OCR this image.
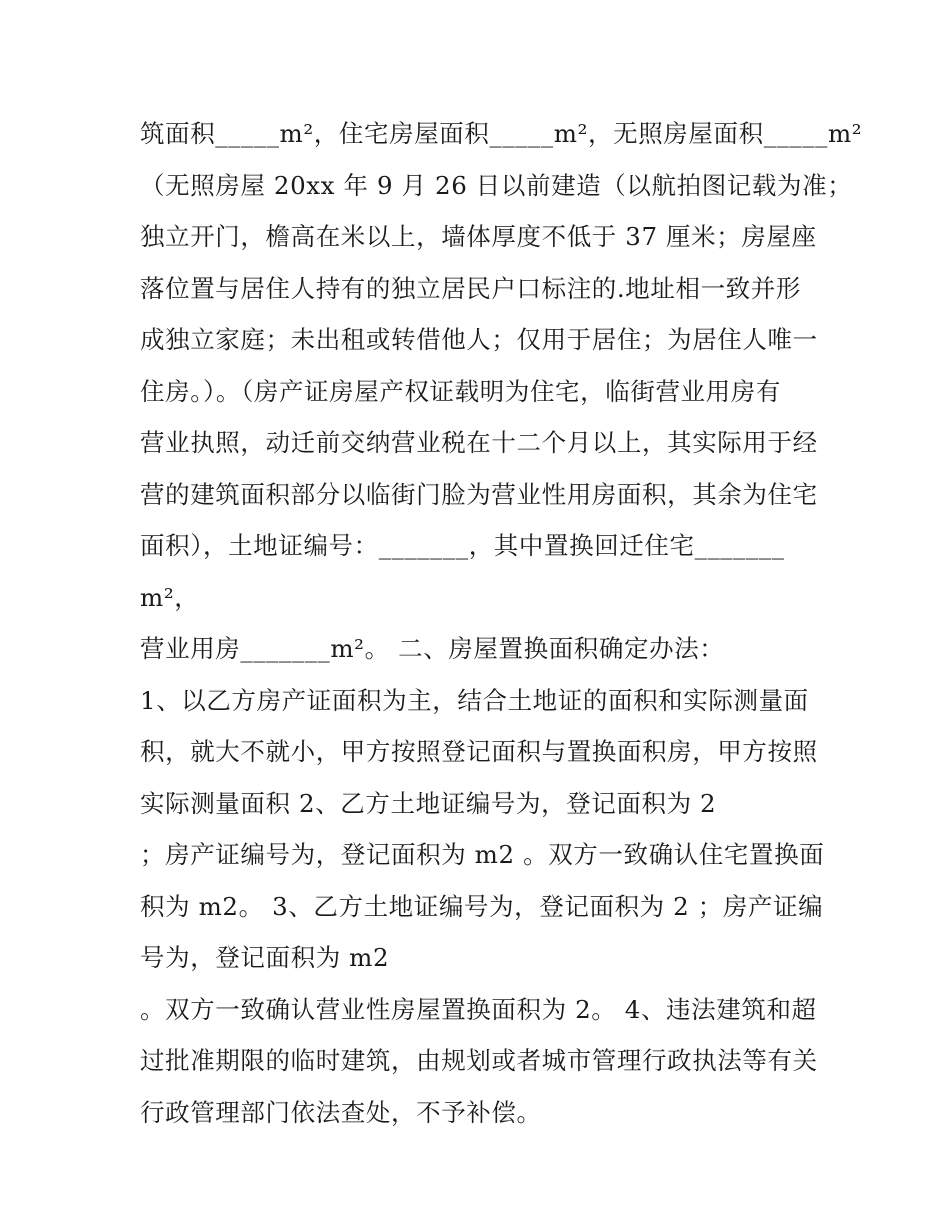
筑面积_____m²，住宅房屋面积_____m²，无照房屋面积_____m²
（无照房屋 20xx 年 9 月 26 日以前建造（以航拍图记载为准；
独立开门，檐高在米以上，墙体厚度不低于 37 厘米；房屋座
落位置与居住人持有的独立居民户口标注的.地址相一致并形
成独立家庭；未出租或转借他人；仅用于居住；为居住人唯一
住房。）。（房产证房屋产权证载明为住宅，临街营业用房有
营业执照，动迁前交纳营业税在十二个月以上，其实际用于经
营的建筑面积部分以临街门脸为营业性用房面积，其余为住宅
面积），土地证编号：_______，其中置换回迁住宅_______
m²，
营业用房_______m²。 二、房屋置换面积确定办法：
1、以乙方房产证面积为主，结合土地证的面积和实际测量面
积，就大不就小，甲方按照登记面积与置换面积房，甲方按照
实际测量面积 2、乙方土地证编号为，登记面积为 2
；房产证编号为，登记面积为 m2 。双方一致确认住宅置换面
积为 m2。 3、乙方土地证编号为，登记面积为 2 ；房产证编
号为，登记面积为 m2
。双方一致确认营业性房屋置换面积为 2。 4、违法建筑和超
过批准期限的临时建筑，由规划或者城市管理行政执法等有关
行政管理部门依法查处，不予补偿。
